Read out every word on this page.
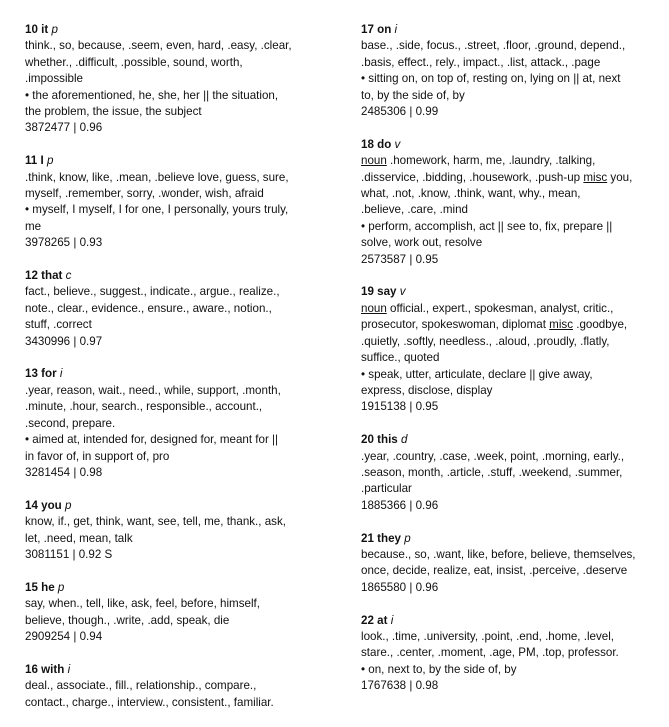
10 it p
think., so, because, .seem, even, hard, .easy, .clear,
whether., .difficult, .possible, sound, worth,
.impossible
• the aforementioned, he, she, her || the situation,
the problem, the issue, the subject
3872477 | 0.96
11 I p
.think, know, like, .mean, .believe love, guess, sure,
myself, .remember, sorry, .wonder, wish, afraid
• myself, I myself, I for one, I personally, yours truly,
me
3978265 | 0.93
12 that c
fact., believe., suggest., indicate., argue., realize.,
note., clear., evidence., ensure., aware., notion.,
stuff, .correct
3430996 | 0.97
13 for i
.year, reason, wait., need., while, support, .month,
.minute, .hour, search., responsible., account.,
.second, prepare.
• aimed at, intended for, designed for, meant for ||
in favor of, in support of, pro
3281454 | 0.98
14 you p
know, if., get, think, want, see, tell, me, thank., ask,
let, .need, mean, talk
3081151 | 0.92 S
15 he p
say, when., tell, like, ask, feel, before, himself,
believe, though., .write, .add, speak, die
2909254 | 0.94
16 with i
deal., associate., fill., relationship., compare.,
contact., charge., interview., consistent., familiar.
17 on i
base., .side, focus., .street, .floor, .ground, depend.,
.basis, effect., rely., impact., .list, attack., .page
• sitting on, on top of, resting on, lying on || at, next
to, by the side of, by
2485306 | 0.99
18 do v
noun .homework, harm, me, .laundry, .talking,
.disservice, .bidding, .housework, .push-up misc you,
what, .not, .know, .think, want, why., mean,
.believe, .care, .mind
• perform, accomplish, act || see to, fix, prepare ||
solve, work out, resolve
2573587 | 0.95
19 say v
noun official., expert., spokesman, analyst, critic.,
prosecutor, spokeswoman, diplomat misc .goodbye,
.quietly, .softly, needless., .aloud, .proudly, .flatly,
suffice., quoted
• speak, utter, articulate, declare || give away,
express, disclose, display
1915138 | 0.95
20 this d
.year, .country, .case, .week, point, .morning, early.,
.season, month, .article, .stuff, .weekend, .summer,
.particular
1885366 | 0.96
21 they p
because., so, .want, like, before, believe, themselves,
once, decide, realize, eat, insist, .perceive, .deserve
1865580 | 0.96
22 at i
look., .time, .university, .point, .end, .home, .level,
stare., .center, .moment, .age, PM, .top, professor.
• on, next to, by the side of, by
1767638 | 0.98
